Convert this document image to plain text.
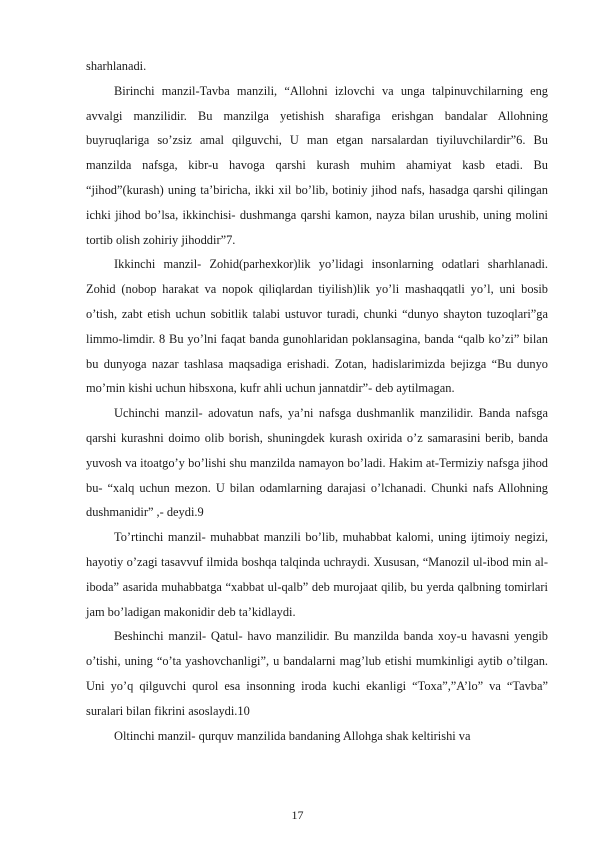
sharhlanadi.

Birinchi manzil-Tavba manzili, “Allohni izlovchi va unga talpinuvchilarning eng avvalgi manzilidir. Bu manzilga yetishish sharafiga erishgan bandalar Allohning buyruqlariga so’zsiz amal qilguvchi, U man etgan narsalardan tiyiluvchilardir”6. Bu manzilda nafsga, kibr-u havoga qarshi kurash muhim ahamiyat kasb etadi. Bu “jihod”(kurash) uning ta’biricha, ikki xil bo’lib, botiniy jihod nafs, hasadga qarshi qilingan ichki jihod bo’lsa, ikkinchisi- dushmanga qarshi kamon, nayza bilan urushib, uning molini tortib olish zohiriy jihoddir”7.

Ikkinchi manzil- Zohid(parhexkor)lik yo’lidagi insonlarning odatlari sharhlanadi. Zohid (nobop harakat va nopok qiliqlardan tiyilish)lik yo’li mashaqqatli yo’l, uni bosib o’tish, zabt etish uchun sobitlik talabi ustuvor turadi, chunki “dunyo shayton tuzoqlari”ga limmo-limdir. 8 Bu yo’lni faqat banda gunohlaridan poklansagina, banda “qalb ko’zi” bilan bu dunyoga nazar tashlasa maqsadiga erishadi. Zotan, hadislarimizda bejizga “Bu dunyo mo’min kishi uchun hibsxona, kufr ahli uchun jannatdir”- deb aytilmagan.

Uchinchi manzil- adovatun nafs, ya’ni nafsga dushmanlik manzilidir. Banda nafsga qarshi kurashni doimo olib borish, shuningdek kurash oxirida o’z samarasini berib, banda yuvosh va itoatgo’y bo’lishi shu manzilda namayon bo’ladi. Hakim at-Termiziy nafsga jihod bu- “xalq uchun mezon. U bilan odamlarning darajasi o’lchanadi. Chunki nafs Allohning dushmanidir” ,- deydi.9

To’rtinchi manzil- muhabbat manzili bo’lib, muhabbat kalomi, uning ijtimoiy negizi, hayotiy o’zagi tasavvuf ilmida boshqa talqinda uchraydi. Xususan, “Manozil ul-ibod min al-iboda” asarida muhabbatga “xabbat ul-qalb” deb murojaat qilib, bu yerda qalbning tomirlari jam bo’ladigan makonidir deb ta’kidlaydi.

Beshinchi manzil- Qatul- havo manzilidir. Bu manzilda banda xoy-u havasni yengib o’tishi, uning “o’ta yashovchanligi”, u bandalarni mag’lub etishi mumkinligi aytib o’tilgan. Uni yo’q qilguvchi qurol esa insonning iroda kuchi ekanligi “Toxa”,”A’lo” va “Tavba” suralari bilan fikrini asoslaydi.10

Oltinchi manzil- qurquv manzilida bandaning Allohga shak keltirishi va

17
